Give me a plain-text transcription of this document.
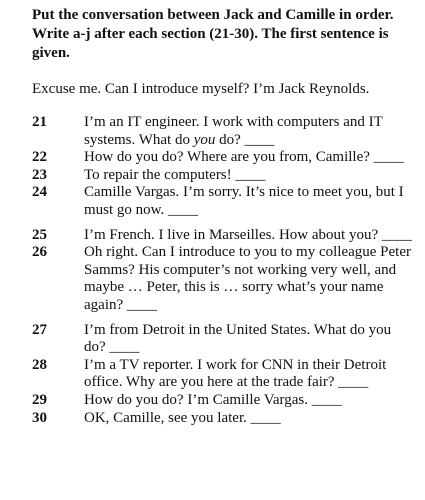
Put the conversation between Jack and Camille in order. Write a-j after each section (21-30). The first sentence is given.

Excuse me. Can I introduce myself? I’m Jack Reynolds.

21	I’m an IT engineer. I work with computers and IT systems. What do you do? ____
22	How do you do? Where are you from, Camille? ____
23	To repair the computers! ____
24	Camille Vargas. I’m sorry. It’s nice to meet you, but I must go now. ____
25	I’m French. I live in Marseilles. How about you? ____
26	Oh right. Can I introduce to you to my colleague Peter Samms? His computer’s not working very well, and maybe … Peter, this is … sorry what’s your name again? ____
27	I’m from Detroit in the United States. What do you do? ____
28	I’m a TV reporter. I work for CNN in their Detroit office. Why are you here at the trade fair? ____
29	How do you do? I’m Camille Vargas. ____
30	OK, Camille, see you later. ____
